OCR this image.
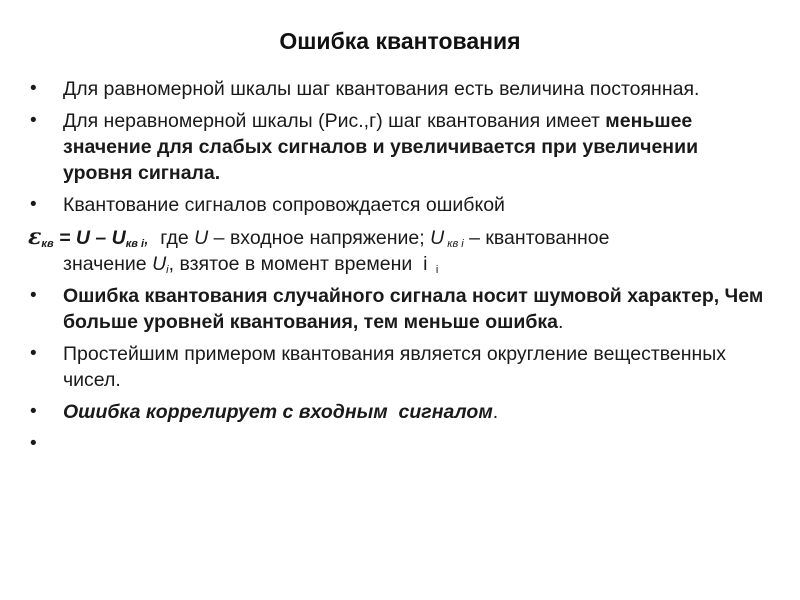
Ошибка квантования
•	Для равномерной шкалы шаг квантования есть величина постоянная.
•	Для неравномерной шкалы (Рис.,г) шаг квантования имеет меньшее значение для слабых сигналов и увеличивается при увеличении уровня сигнала.
•	Квантование сигналов сопровождается ошибкой
$\varepsilon_{кв} = U - U_{кв i}$,  где U – входное напряжение; U $_{кв i}$ – квантованное
значение $U_i$, взятое в момент времени  i  $_i$
•	Ошибка квантования случайного сигнала носит шумовой характер, Чем больше уровней квантования, тем меньше ошибка.
•	Простейшим примером квантования является округление вещественных чисел.
•	Ошибка коррелирует с входным  сигналом.
•
